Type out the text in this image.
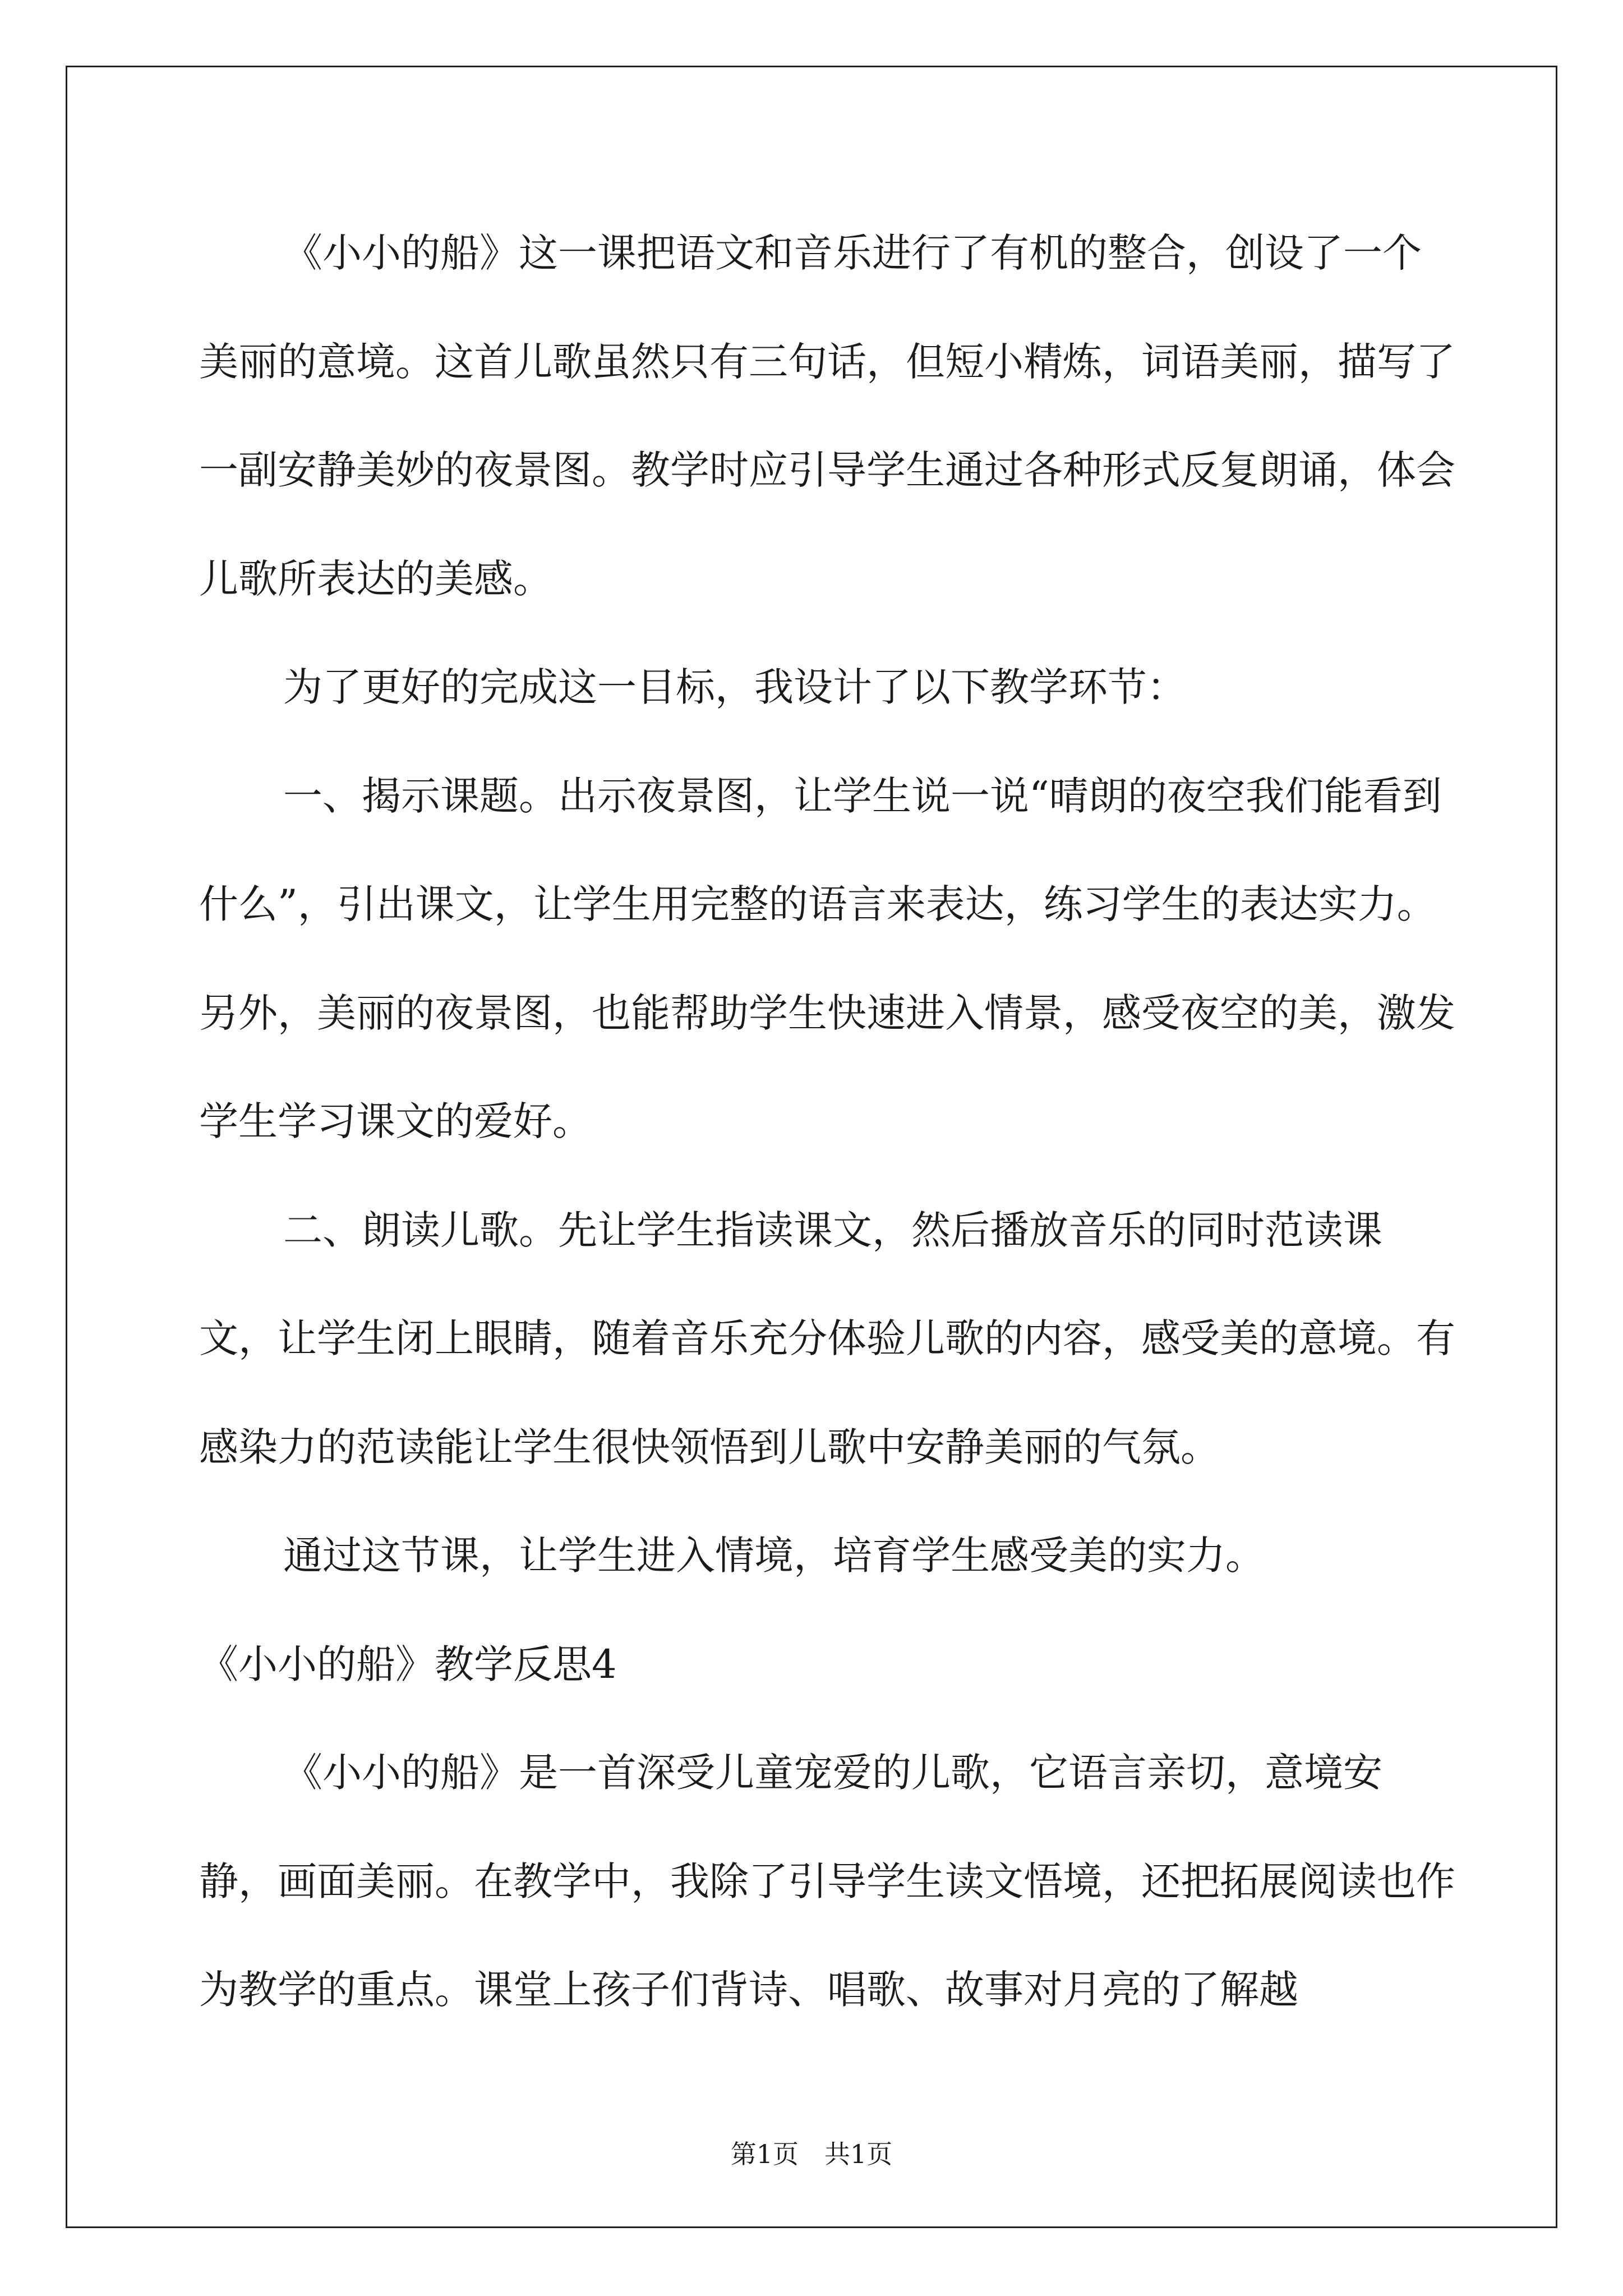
《小小的船》这一课把语文和音乐进行了有机的整合，创设了一个美丽的意境。这首儿歌虽然只有三句话，但短小精炼，词语美丽，描写了一副安静美妙的夜景图。教学时应引导学生通过各种形式反复朗诵，体会儿歌所表达的美感。

为了更好的完成这一目标，我设计了以下教学环节：

一、揭示课题。出示夜景图，让学生说一说“晴朗的夜空我们能看到什么”，引出课文，让学生用完整的语言来表达，练习学生的表达实力。另外，美丽的夜景图，也能帮助学生快速进入情景，感受夜空的美，激发学生学习课文的爱好。

二、朗读儿歌。先让学生指读课文，然后播放音乐的同时范读课文，让学生闭上眼睛，随着音乐充分体验儿歌的内容，感受美的意境。有感染力的范读能让学生很快领悟到儿歌中安静美丽的气氛。

通过这节课，让学生进入情境，培育学生感受美的实力。

《小小的船》教学反思4

《小小的船》是一首深受儿童宠爱的儿歌，它语言亲切，意境安静，画面美丽。在教学中，我除了引导学生读文悟境，还把拓展阅读也作为教学的重点。课堂上孩子们背诗、唱歌、故事对月亮的了解越

第1页　共1页
